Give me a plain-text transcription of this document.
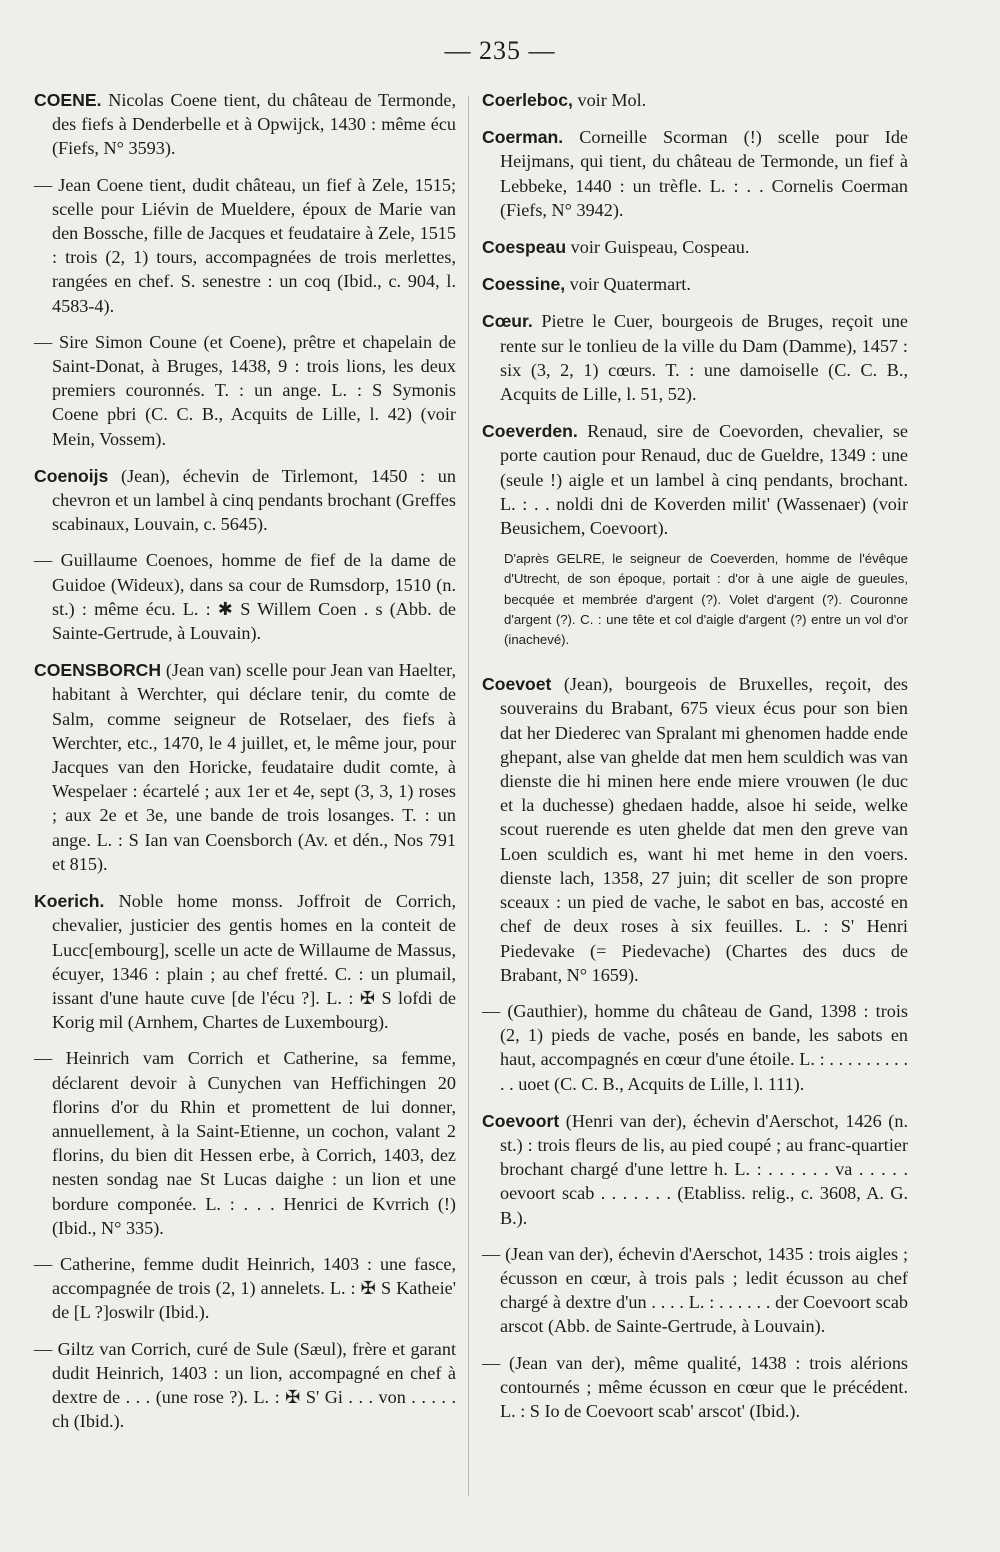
— 235 —

COENE. Nicolas Coene tient, du château de Termonde, des fiefs à Denderbelle et à Opwijck, 1430 : même écu (Fiefs, N° 3593).

— Jean Coene tient, dudit château, un fief à Zele, 1515; scelle pour Liévin de Mueldere, époux de Marie van den Bossche, fille de Jacques et feudataire à Zele, 1515 : trois (2, 1) tours, accompagnées de trois merlettes, rangées en chef. S. senestre : un coq (Ibid., c. 904, l. 4583-4).

— Sire Simon Coune (et Coene), prêtre et chapelain de Saint-Donat, à Bruges, 1438, 9 : trois lions, les deux premiers couronnés. T. : un ange. L. : S Symonis Coene pbri (C. C. B., Acquits de Lille, l. 42) (voir Mein, Vossem).

Coenoijs (Jean), échevin de Tirlemont, 1450 : un chevron et un lambel à cinq pendants brochant (Greffes scabinaux, Louvain, c. 5645).

— Guillaume Coenoes, homme de fief de la dame de Guidoe (Wideux), dans sa cour de Rumsdorp, 1510 (n. st.) : même écu. L. : ✱ S Willem Coen . s (Abb. de Sainte-Gertrude, à Louvain).

COENSBORCH (Jean van) scelle pour Jean van Haelter, habitant à Werchter, qui déclare tenir, du comte de Salm, comme seigneur de Rotselaer, des fiefs à Werchter, etc., 1470, le 4 juillet, et, le même jour, pour Jacques van den Horicke, feudataire dudit comte, à Wespelaer : écartelé ; aux 1er et 4e, sept (3, 3, 1) roses ; aux 2e et 3e, une bande de trois losanges. T. : un ange. L. : S Ian van Coensborch (Av. et dén., Nos 791 et 815).

Koerich. Noble home monss. Joffroit de Corrich, chevalier, justicier des gentis homes en la conteit de Lucc[embourg], scelle un acte de Willaume de Massus, écuyer, 1346 : plain ; au chef fretté. C. : un plumail, issant d'une haute cuve [de l'écu ?]. L. : ✠ S lofdi de Korig mil (Arnhem, Chartes de Luxembourg).

— Heinrich vam Corrich et Catherine, sa femme, déclarent devoir à Cunychen van Heffichingen 20 florins d'or du Rhin et promettent de lui donner, annuellement, à la Saint-Etienne, un cochon, valant 2 florins, du bien dit Hessen erbe, à Corrich, 1403, dez nesten sondag nae St Lucas daighe : un lion et une bordure componée. L. : . . . Henrici de Kvrrich (!) (Ibid., N° 335).

— Catherine, femme dudit Heinrich, 1403 : une fasce, accompagnée de trois (2, 1) annelets. L. : ✠ S Katheie' de [L ?]oswilr (Ibid.).

— Giltz van Corrich, curé de Sule (Sæul), frère et garant dudit Heinrich, 1403 : un lion, accompagné en chef à dextre de . . . (une rose ?). L. : ✠ S' Gi . . . von . . . . . ch (Ibid.).

Coerleboc, voir Mol.

Coerman. Corneille Scorman (!) scelle pour Ide Heijmans, qui tient, du château de Termonde, un fief à Lebbeke, 1440 : un trèfle. L. : . . Cornelis Coerman (Fiefs, N° 3942).

Coespeau voir Guispeau, Cospeau.

Coessine, voir Quatermart.

Cœur. Pietre le Cuer, bourgeois de Bruges, reçoit une rente sur le tonlieu de la ville du Dam (Damme), 1457 : six (3, 2, 1) cœurs. T. : une damoiselle (C. C. B., Acquits de Lille, l. 51, 52).

Coeverden. Renaud, sire de Coevorden, chevalier, se porte caution pour Renaud, duc de Gueldre, 1349 : une (seule !) aigle et un lambel à cinq pendants, brochant. L. : . . noldi dni de Koverden milit' (Wassenaer) (voir Beusichem, Coevoort).

D'après GELRE, le seigneur de Coeverden, homme de l'évêque d'Utrecht, de son époque, portait : d'or à une aigle de gueules, becquée et membrée d'argent (?). Volet d'argent (?). Couronne d'argent (?). C. : une tête et col d'aigle d'argent (?) entre un vol d'or (inachevé).

Coevoet (Jean), bourgeois de Bruxelles, reçoit, des souverains du Brabant, 675 vieux écus pour son bien dat her Diederec van Spralant mi ghenomen hadde ende ghepant, alse van ghelde dat men hem sculdich was van dienste die hi minen here ende miere vrouwen (le duc et la duchesse) ghedaen hadde, alsoe hi seide, welke scout ruerende es uten ghelde dat men den greve van Loen sculdich es, want hi met heme in den voers. dienste lach, 1358, 27 juin; dit sceller de son propre sceaux : un pied de vache, le sabot en bas, accosté en chef de deux roses à six feuilles. L. : S' Henri Piedevake (= Piedevache) (Chartes des ducs de Brabant, N° 1659).

— (Gauthier), homme du château de Gand, 1398 : trois (2, 1) pieds de vache, posés en bande, les sabots en haut, accompagnés en cœur d'une étoile. L. : . . . . . . . . . . . uoet (C. C. B., Acquits de Lille, l. 111).

Coevoort (Henri van der), échevin d'Aerschot, 1426 (n. st.) : trois fleurs de lis, au pied coupé ; au franc-quartier brochant chargé d'une lettre h. L. : . . . . . . va . . . . . oevoort scab . . . . . . . (Etabliss. relig., c. 3608, A. G. B.).

— (Jean van der), échevin d'Aerschot, 1435 : trois aigles ; écusson en cœur, à trois pals ; ledit écusson au chef chargé à dextre d'un . . . . L. : . . . . . . der Coevoort scab arscot (Abb. de Sainte-Gertrude, à Louvain).

— (Jean van der), même qualité, 1438 : trois alérions contournés ; même écusson en cœur que le précédent. L. : S Io de Coevoort scab' arscot' (Ibid.).
